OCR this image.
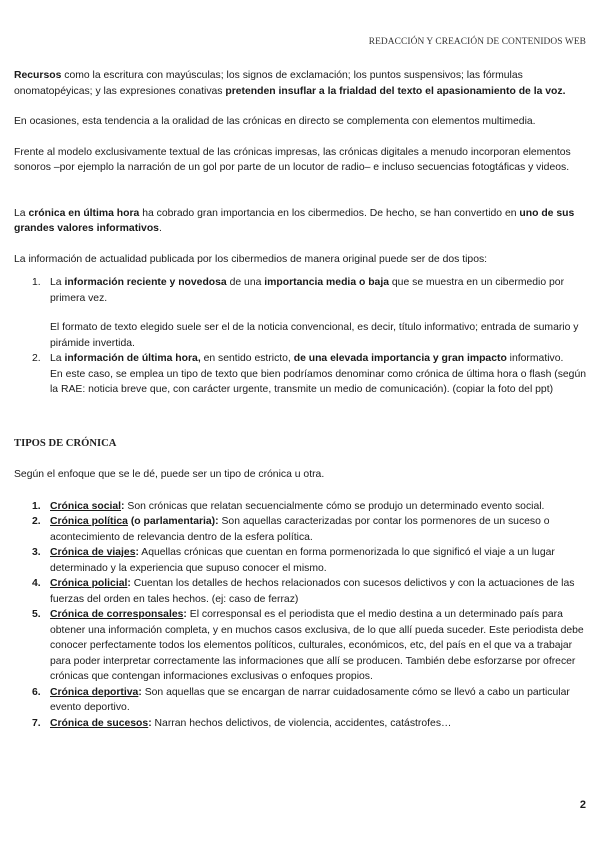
REDACCIÓN Y CREACIÓN DE CONTENIDOS WEB

Recursos como la escritura con mayúsculas; los signos de exclamación; los puntos suspensivos; las fórmulas onomatopéyicas; y las expresiones conativas pretenden insuflar a la frialdad del texto el apasionamiento de la voz.

En ocasiones, esta tendencia a la oralidad de las crónicas en directo se complementa con elementos multimedia.

Frente al modelo exclusivamente textual de las crónicas impresas, las crónicas digitales a menudo incorporan elementos sonoros –por ejemplo la narración de un gol por parte de un locutor de radio– e incluso secuencias fotogtáficas y videos.

La crónica en última hora ha cobrado gran importancia en los cibermedios. De hecho, se han convertido en uno de sus grandes valores informativos.

La información de actualidad publicada por los cibermedios de manera original puede ser de dos tipos:

1. La información reciente y novedosa de una importancia media o baja que se muestra en un cibermedio por primera vez.

El formato de texto elegido suele ser el de la noticia convencional, es decir, título informativo; entrada de sumario y pirámide invertida.

2. La información de última hora, en sentido estricto, de una elevada importancia y gran impacto informativo.

En este caso, se emplea un tipo de texto que bien podríamos denominar como crónica de última hora o flash (según la RAE: noticia breve que, con carácter urgente, transmite un medio de comunicación). (copiar la foto del ppt)

TIPOS DE CRÓNICA

Según el enfoque que se le dé, puede ser un tipo de crónica u otra.

1. Crónica social: Son crónicas que relatan secuencialmente cómo se produjo un determinado evento social.

2. Crónica política (o parlamentaria): Son aquellas caracterizadas por contar los pormenores de un suceso o acontecimiento de relevancia dentro de la esfera política.

3. Crónica de viajes: Aquellas crónicas que cuentan en forma pormenorizada lo que significó el viaje a un lugar determinado y la experiencia que supuso conocer el mismo.

4. Crónica policial: Cuentan los detalles de hechos relacionados con sucesos delictivos y con la actuaciones de las fuerzas del orden en tales hechos. (ej: caso de ferraz)

5. Crónica de corresponsales: El corresponsal es el periodista que el medio destina a un determinado país para obtener una información completa, y en muchos casos exclusiva, de lo que allí pueda suceder. Este periodista debe conocer perfectamente todos los elementos políticos, culturales, económicos, etc, del país en el que va a trabajar para poder interpretar correctamente las informaciones que allí se producen. También debe esforzarse por ofrecer crónicas que contengan informaciones exclusivas o enfoques propios.

6. Crónica deportiva: Son aquellas que se encargan de narrar cuidadosamente cómo se llevó a cabo un particular evento deportivo.

7. Crónica de sucesos: Narran hechos delictivos, de violencia, accidentes, catástrofes…

2
